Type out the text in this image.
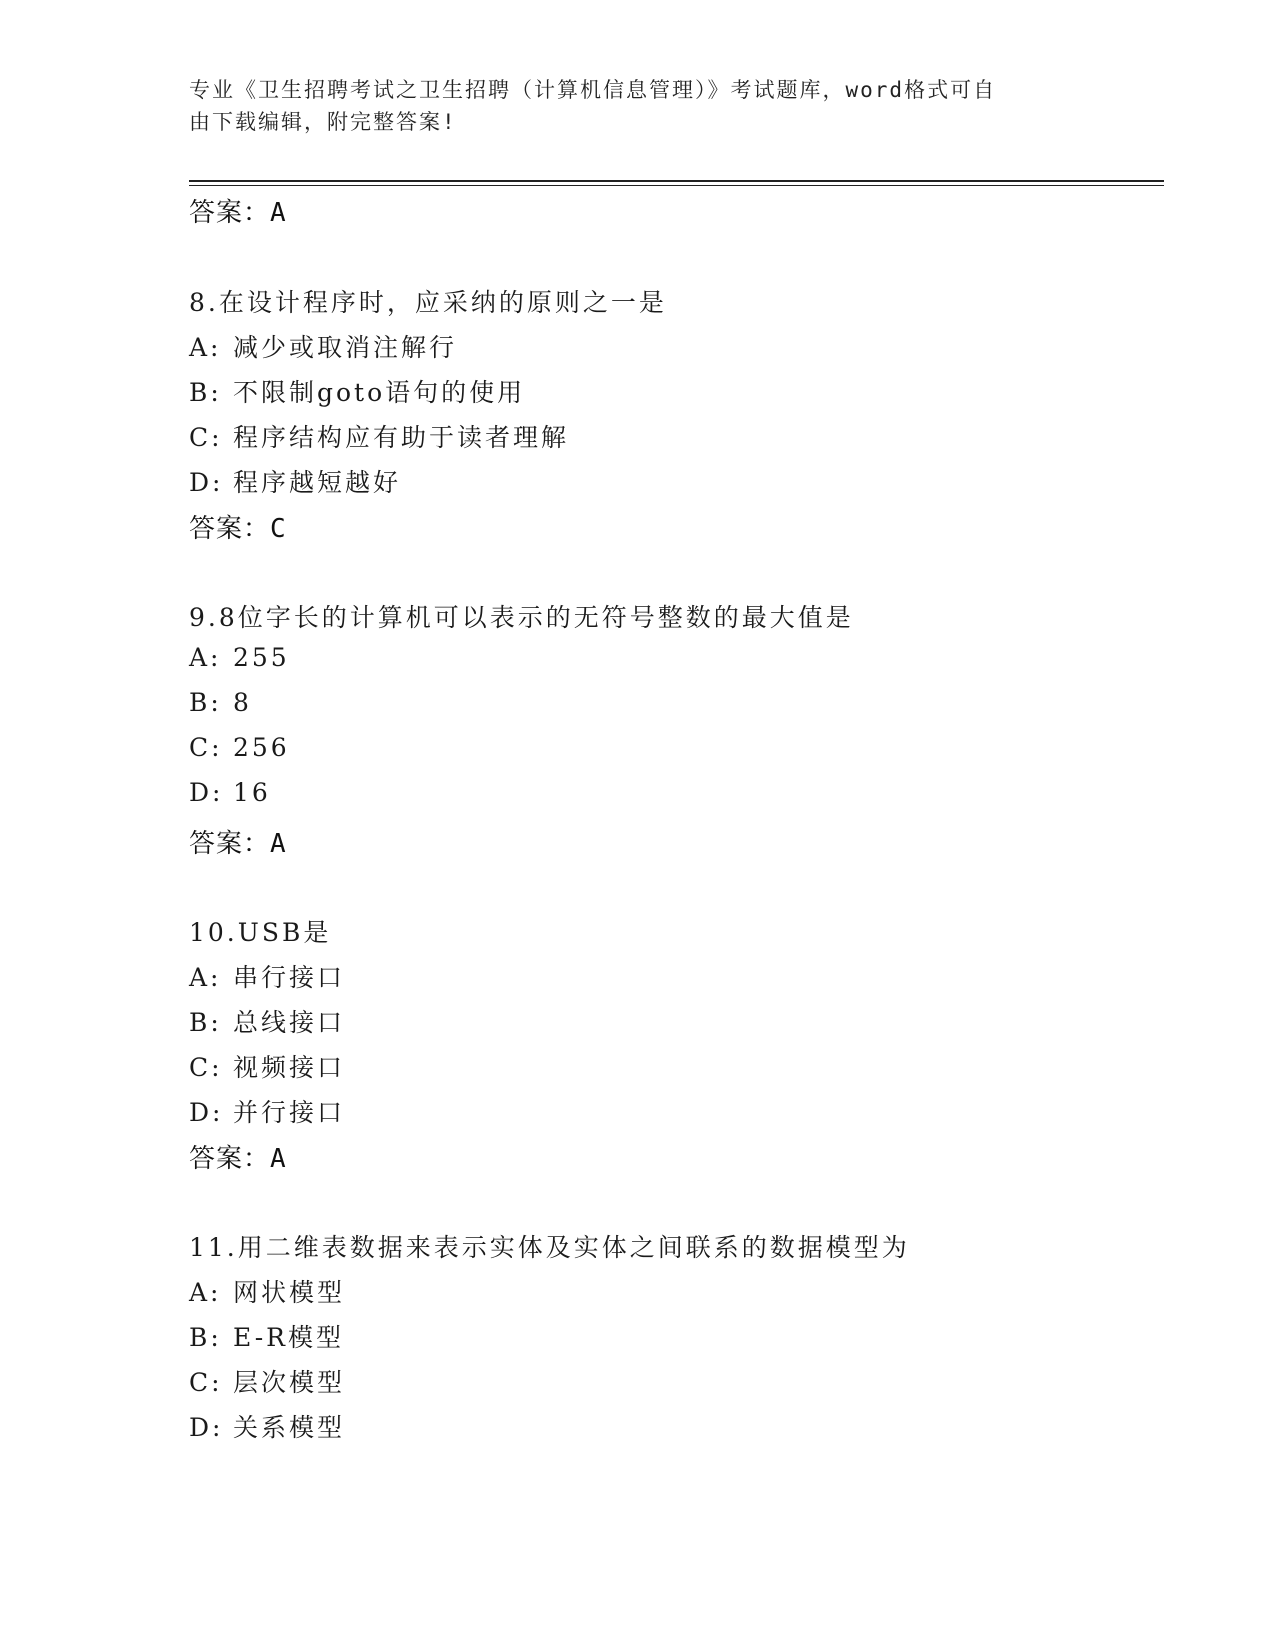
专业《卫生招聘考试之卫生招聘（计算机信息管理）》考试题库，word格式可自
由下载编辑，附完整答案!
答案：A
8.在设计程序时，应采纳的原则之一是
A: 减少或取消注解行
B: 不限制goto语句的使用
C: 程序结构应有助于读者理解
D: 程序越短越好
答案：C
9.8位字长的计算机可以表示的无符号整数的最大值是
A: 255
B: 8
C: 256
D: 16
答案：A
10.USB是
A: 串行接口
B: 总线接口
C: 视频接口
D: 并行接口
答案：A
11.用二维表数据来表示实体及实体之间联系的数据模型为
A: 网状模型
B: E-R模型
C: 层次模型
D: 关系模型
